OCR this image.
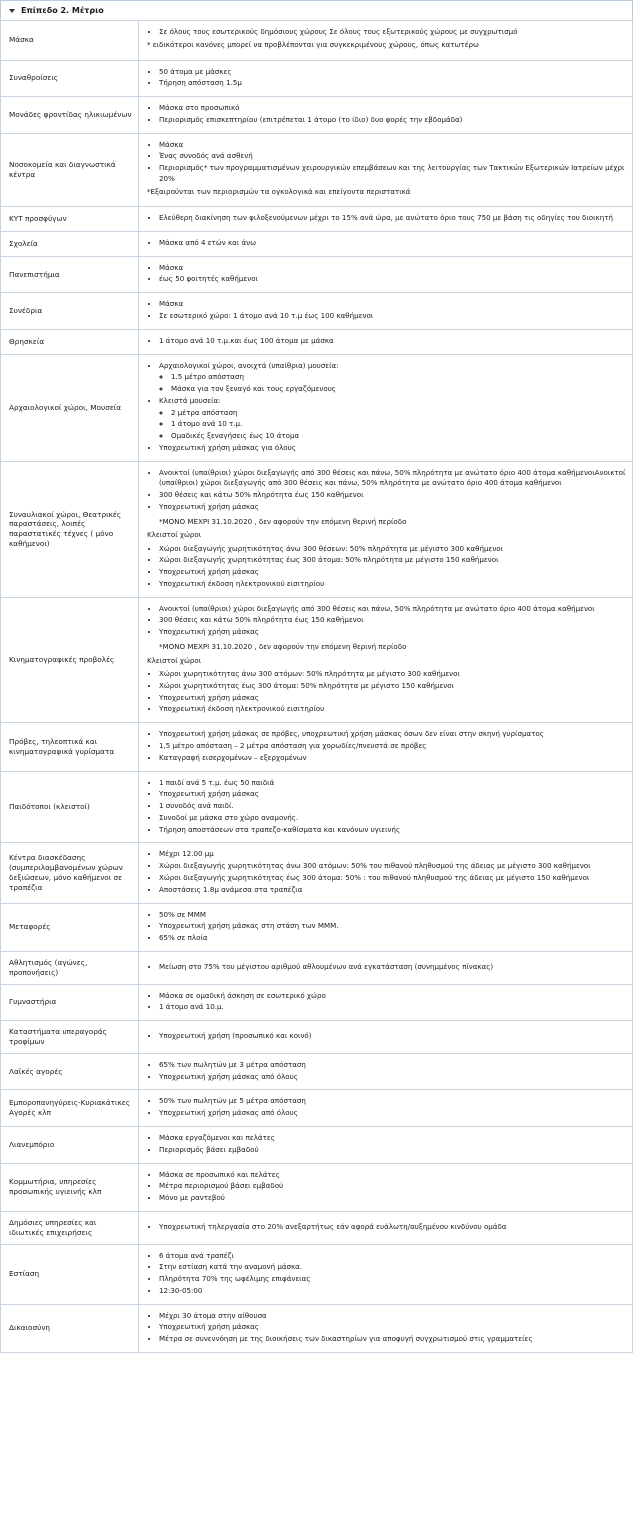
Επίπεδο 2. Μέτριο
Μάσκα	
• Σε όλους τους εσωτερικούς δημόσιους χώρους Σε όλους τους εξωτερικούς χώρους με συγχρωτισμό

* ειδικότεροι κανόνες μπορεί να προβλέπονται για συγκεκριμένους χώρους, όπως κατωτέρω

Συναθροίσεις	
• 50 άτομα με μάσκες
• Τήρηση απόσταση 1.5μ

Μονάδες φροντίδας ηλικιωμένων	
• Μάσκα στο προσωπικό
• Περιορισμός επισκεπτηρίου (επιτρέπεται 1 άτομο (το ίδιο) δυο φορές την εβδομάδα)

Νοσοκομεία και διαγνωστικά κέντρα	
• Μάσκα
• Ένας συνοδός ανά ασθενή
• Περιορισμός* των προγραμματισμένων χειρουργικών επεμβάσεων και της λειτουργίας των Τακτικών Εξωτερικών Ιατρείων μέχρι 20%

*Εξαιρούνται των περιορισμών τα ογκολογικά και επείγοντα περιστατικά

ΚΥΤ προσφύγων	
•Ελεύθερη διακίνηση των φιλοξενούμενων μέχρι το 15% ανά ώρα, με ανώτατο όριο τους 750 με βάση τις οδηγίες του διοικητή

Σχολεία	
•Μάσκα από 4 ετών και άνω

Πανεπιστήμια	
• Μάσκα
• έως 50 φοιτητές καθήμενοι

Συνέδρια	
• Μάσκα
• Σε εσωτερικό χώρο: 1 άτομο ανά 10 τ.μ έως 100 καθήμενοι

Θρησκεία	
•1 άτομο ανά 10 τ.μ.και έως 100 άτομα με μάσκα

Αρχαιολογικοί χώροι, Μουσεία	
• Αρχαιολογικοί χώροι, ανοιχτά (υπαίθρια) μουσεία:
◦ 1.5 μέτρο απόσταση
◦ Μάσκα για τον ξεναγό και τους εργαζόμενους
• Κλειστά μουσεία:
◦ 2 μέτρα απόσταση
◦ 1 άτομο ανά 10 τ.μ.
◦ Ομαδικές ξεναγήσεις έως 10 άτομα
• Υποχρεωτική χρήση μάσκας για όλους

Συναυλιακοί χώροι, Θεατρικές παραστάσεις, λοιπές παραστατικές τέχνες ( μόνο καθήμενοι)	
• Ανοικτοί (υπαίθριοι) χώροι διεξαγωγής από 300 θέσεις και πάνω, 50% πληρότητα με ανώτατο όριο 400 άτομα καθήμενοιΑνοικτοί (υπαίθριοι) χώροι διεξαγωγής από 300 θέσεις και πάνω, 50% πληρότητα με ανώτατο όριο 400 άτομα καθήμενοι
• 300 θέσεις και κάτω 50% πληρότητα έως 150 καθήμενοι
• Υποχρεωτική χρήση μάσκας

*MONO MEXPI 31.10.2020 , δεν αφορούν την επόμενη θερινή περίοδο

Κλειστοί χώροι

• Χώροι διεξαγωγής χωρητικότητας άνω 300 θέσεων: 50% πληρότητα με μέγιστο 300 καθήμενοι
• Χώροι διεξαγωγής χωρητικότητας έως 300 άτομα: 50% πληρότητα με μέγιστο 150 καθήμενοι
• Υποχρεωτική χρήση μάσκας
• Υποχρεωτική έκδοση ηλεκτρονικού εισιτηρίου

Κινηματογραφικές προβολές	
• Ανοικτοί (υπαίθριοι) χώροι διεξαγωγής από 300 θέσεις και πάνω, 50% πληρότητα με ανώτατο όριο 400 άτομα καθήμενοι
• 300 θέσεις και κάτω 50% πληρότητα έως 150 καθήμενοι
• Υποχρεωτική χρήση μάσκας

*MONO MEXPI 31.10.2020 , δεν αφορούν την επόμενη θερινή περίοδο

Κλειστοί χώροι

• Χώροι χωρητικότητας άνω 300 ατόμων: 50% πληρότητα με μέγιστο 300 καθήμενοι
• Χώροι χωρητικότητας έως 300 άτομα: 50% πληρότητα με μέγιστο 150 καθήμενοι
• Υποχρεωτική χρήση μάσκας
• Υποχρεωτική έκδοση ηλεκτρονικού εισιτηρίου

Πρόβες, τηλεοπτικά και κινηματογραφικά γυρίσματα	
• Υποχρεωτική χρήση μάσκας σε πρόβες, υποχρεωτική χρήση μάσκας όσων δεν είναι στην σκηνή γυρίσματος
• 1,5 μέτρο απόσταση – 2 μέτρα απόσταση για χορωδίες/πνευστά σε πρόβες
• Καταγραφή εισερχομένων – εξερχομένων

Παιδότοποι (κλειστοί)	
• 1 παιδί ανά 5 τ.μ. έως 50 παιδιά
• Υποχρεωτική χρήση μάσκας
• 1 συνοδός ανά παιδί.
• Συνοδοί με μάσκα στο χώρο αναμονής.
• Τήρηση αποστάσεων στα τραπεζο-καθίσματα και κανόνων υγιεινής

Κέντρα διασκέδασης (συμπεριλαμβανομένων χώρων δεξιώσεων, μόνο καθήμενοι σε τραπέζια	
• Μέχρι 12.00 μμ
• Χώροι διεξαγωγής χωρητικότητας άνω 300 ατόμων: 50% του πιθανού πληθυσμού της άδειας με μέγιστο 300 καθήμενοι
• Χώροι διεξαγωγής χωρητικότητας έως 300 άτομα: 50% : του πιθανού πληθυσμού της άδειας με μέγιστο 150 καθήμενοι
• Αποστάσεις 1.8μ ανάμεσα στα τραπέζια

Μεταφορές	
• 50% σε ΜΜΜ
• Υποχρεωτική χρήση μάσκας στη στάση των ΜΜΜ.
• 65% σε πλοία

Αθλητισμός (αγώνες, προπονήσεις)	
• Μείωση στο 75% του μέγιστου αριθμού αθλουμένων ανά εγκατάσταση (συνημμένος πίνακας)

Γυμναστήρια	
• Μάσκα σε ομαδική άσκηση σε εσωτερικό χώρο
• 1 άτομο ανά 10.μ.

Καταστήματα υπεραγοράς τροφίμων	
• Υποχρεωτική χρήση (προσωπικό και κοινό)

Λαϊκές αγορές	
• 65% των πωλητών με 3 μέτρα απόσταση
• Υποχρεωτική χρήση μάσκας από όλους

Εμποροπανηγύρεις-Κυριακάτικες Αγορές κλπ	
• 50% των πωλητών με 5 μέτρα απόσταση
• Υποχρεωτική χρήση μάσκας από όλους

Λιανεμπόριο	
• Μάσκα εργαζόμενοι και πελάτες
• Περιορισμός βάσει εμβαδού

Κομμωτήρια, υπηρεσίες προσωπικής υγιεινής κλπ	
• Μάσκα σε προσωπικό και πελάτες
• Μέτρα περιορισμού βάσει εμβαδού
• Μόνο με ραντεβού

Δημόσιες υπηρεσίες και ιδιωτικές επιχειρήσεις	
• Υποχρεωτική τηλεργασία στο 20% ανεξαρτήτως εάν αφορά ευάλωτη/αυξημένου κινδύνου ομάδα

Εστίαση	
• 6 άτομα ανά τραπέζι
• Στην εστίαση κατά την αναμονή μάσκα.
• Πληρότητα 70% της ωφέλιμης επιφάνειας
• 12:30-05:00

Δικαιοσύνη	
• Μέχρι 30 άτομα στην αίθουσα
• Υποχρεωτική χρήση μάσκας
• Μέτρα σε συνεννόηση με της διοικήσεις των δικαστηρίων για αποφυγή συγχρωτισμού στις γραμματείες
